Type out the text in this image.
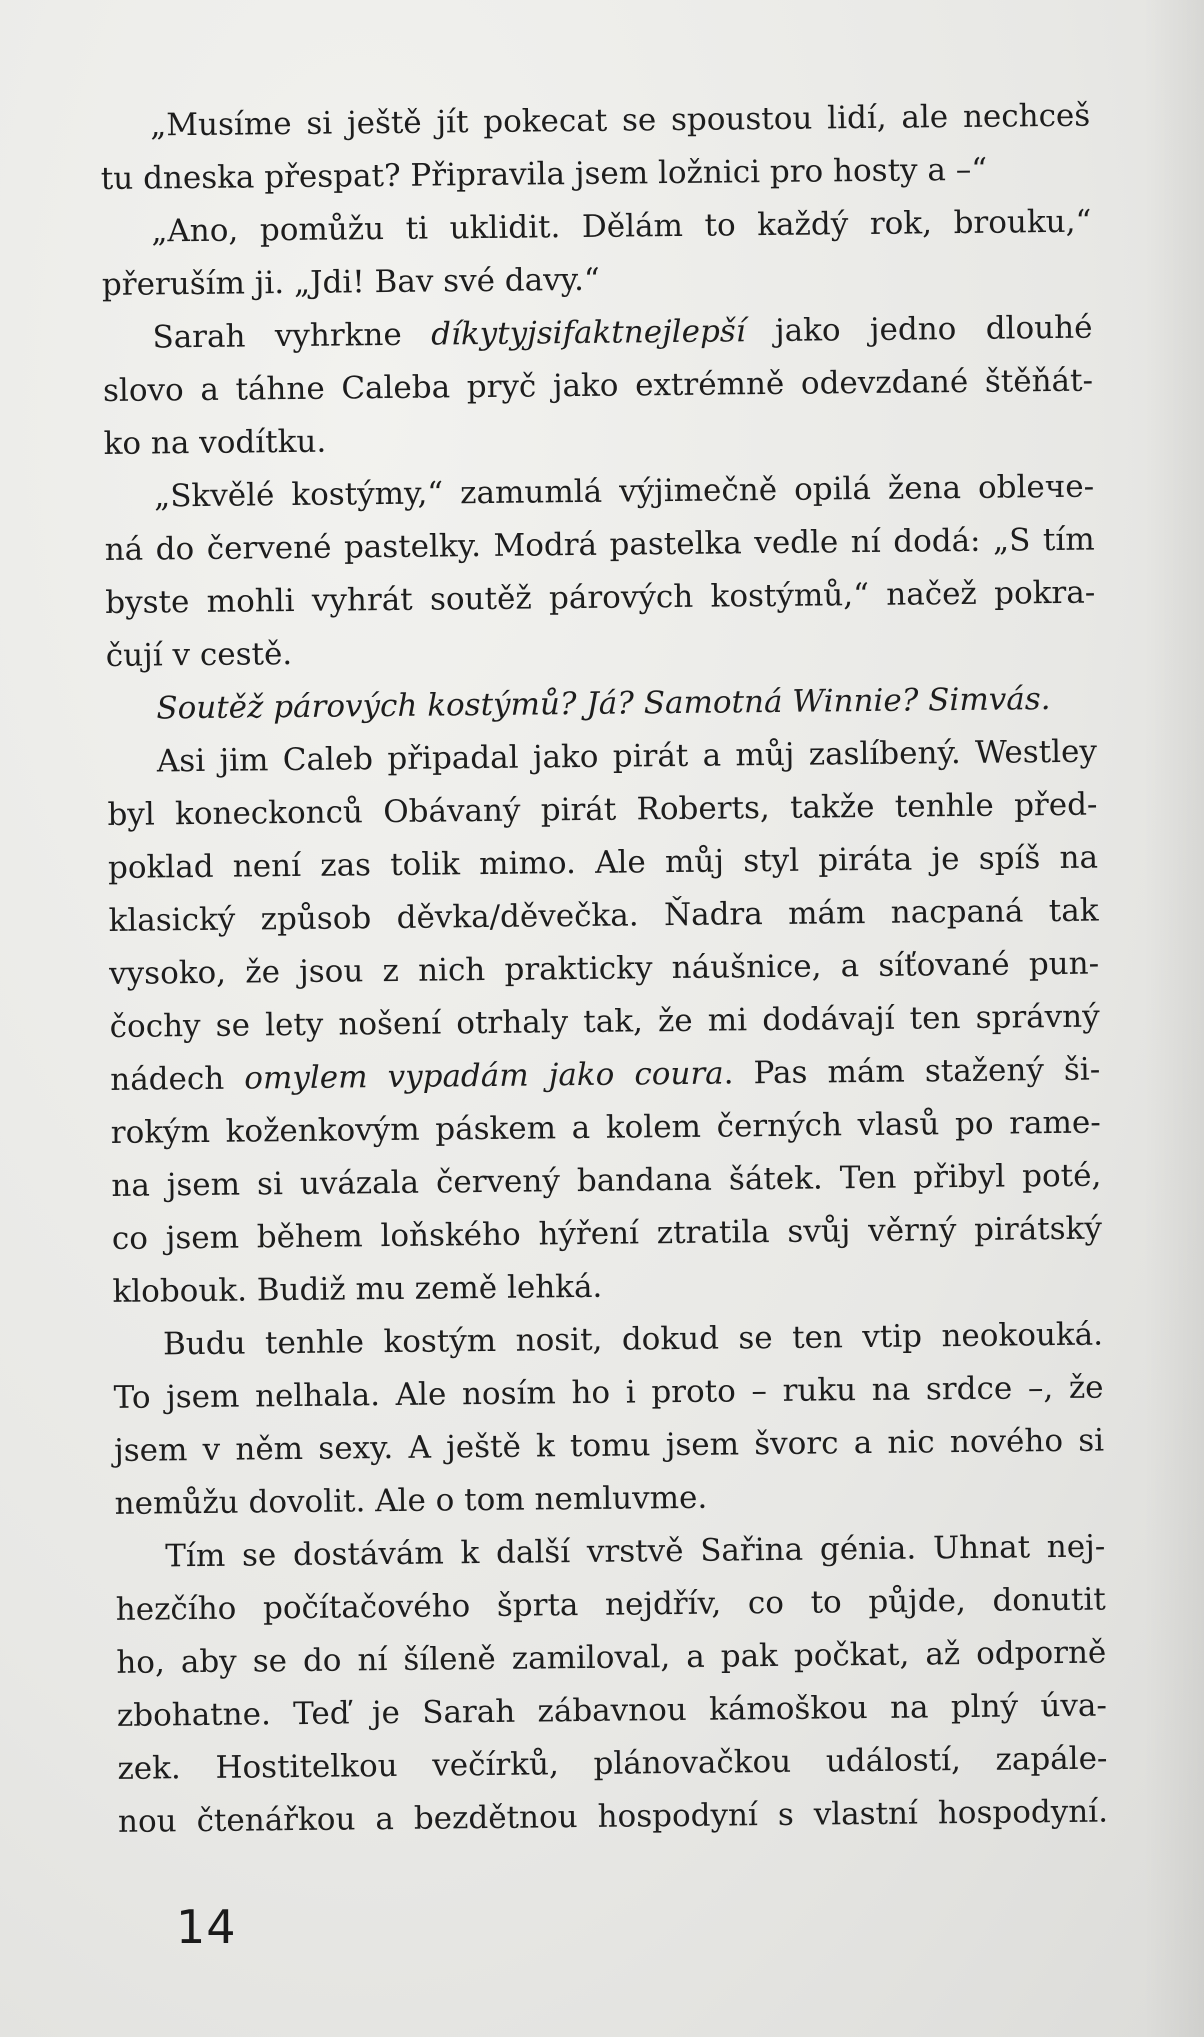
„Musíme si ještě jít pokecat se spoustou lidí, ale nechceš
tu dneska přespat? Připravila jsem ložnici pro hosty a –“
„Ano, pomůžu ti uklidit. Dělám to každý rok, brouku,“
přeruším ji. „Jdi! Bav své davy.“
Sarah vyhrkne díkytyjsifaktnejlepší jako jedno dlouhé
slovo a táhne Caleba pryč jako extrémně odevzdané štěňát-
ko na vodítku.
„Skvělé kostýmy,“ zamumlá výjimečně opilá žena oblече-
ná do červené pastelky. Modrá pastelka vedle ní dodá: „S tím
byste mohli vyhrát soutěž párových kostýmů,“ načež pokra-
čují v cestě.
Soutěž párových kostýmů? Já? Samotná Winnie? Simvás.
Asi jim Caleb připadal jako pirát a můj zaslíbený. Westley
byl koneckonců Obávaný pirát Roberts, takže tenhle před-
poklad není zas tolik mimo. Ale můj styl piráta je spíš na
klasický způsob děvka/děvečka. Ňadra mám nacpaná tak
vysoko, že jsou z nich prakticky náušnice, a síťované pun-
čochy se lety nošení otrhaly tak, že mi dodávají ten správný
nádech omylem vypadám jako coura. Pas mám stažený ši-
rokým koženkovým páskem a kolem černých vlasů po rame-
na jsem si uvázala červený bandana šátek. Ten přibyl poté,
co jsem během loňského hýření ztratila svůj věrný pirátský
klobouk. Budiž mu země lehká.
Budu tenhle kostým nosit, dokud se ten vtip neokouká.
To jsem nelhala. Ale nosím ho i proto – ruku na srdce –, že
jsem v něm sexy. A ještě k tomu jsem švorc a nic nového si
nemůžu dovolit. Ale o tom nemluvme.
Tím se dostávám k další vrstvě Sařina génia. Uhnat nej-
hezčího počítačového šprta nejdřív, co to půjde, donutit
ho, aby se do ní šíleně zamiloval, a pak počkat, až odporně
zbohatne. Teď je Sarah zábavnou kámoškou na plný úva-
zek. Hostitelkou večírků, plánovačkou událostí, zapále-
nou čtenářkou a bezdětnou hospodyní s vlastní hospodyní.
14
